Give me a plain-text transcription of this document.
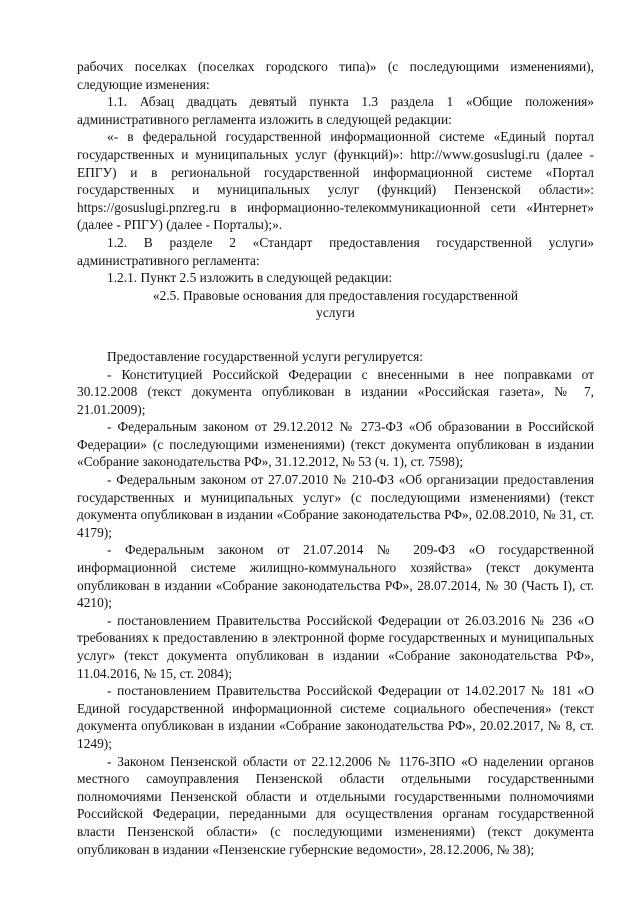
рабочих поселках (поселках городского типа)» (с последующими изменениями), следующие изменения:

1.1. Абзац двадцать девятый пункта 1.3 раздела 1 «Общие положения» административного регламента изложить в следующей редакции:

«- в федеральной государственной информационной системе «Единый портал государственных и муниципальных услуг (функций)»: http://www.gosuslugi.ru (далее - ЕПГУ) и в региональной государственной информационной системе «Портал государственных и муниципальных услуг (функций) Пензенской области»: https://gosuslugi.pnzreg.ru в информационно-телекоммуникационной сети «Интернет» (далее - РПГУ) (далее - Порталы);».

1.2. В разделе 2 «Стандарт предоставления государственной услуги» административного регламента:

1.2.1. Пункт 2.5 изложить в следующей редакции:

«2.5. Правовые основания для предоставления государственной

услуги

Предоставление государственной услуги регулируется:

- Конституцией Российской Федерации с внесенными в нее поправками от 30.12.2008 (текст документа опубликован в издании «Российская газета», № 7, 21.01.2009);

- Федеральным законом от 29.12.2012 № 273-ФЗ «Об образовании в Российской Федерации» (с последующими изменениями) (текст документа опубликован в издании «Собрание законодательства РФ», 31.12.2012, № 53 (ч. 1), ст. 7598);

- Федеральным законом от 27.07.2010 № 210-ФЗ «Об организации предоставления государственных и муниципальных услуг» (с последующими изменениями) (текст документа опубликован в издании «Собрание законодательства РФ», 02.08.2010, № 31, ст. 4179);

- Федеральным законом от 21.07.2014 № 209-ФЗ «О государственной информационной системе жилищно-коммунального хозяйства» (текст документа опубликован в издании «Собрание законодательства РФ», 28.07.2014, № 30 (Часть I), ст. 4210);

- постановлением Правительства Российской Федерации от 26.03.2016 № 236 «О требованиях к предоставлению в электронной форме государственных и муниципальных услуг» (текст документа опубликован в издании «Собрание законодательства РФ», 11.04.2016, № 15, ст. 2084);

- постановлением Правительства Российской Федерации от 14.02.2017 № 181 «О Единой государственной информационной системе социального обеспечения» (текст документа опубликован в издании «Собрание законодательства РФ», 20.02.2017, № 8, ст. 1249);

- Законом Пензенской области от 22.12.2006 № 1176-ЗПО «О наделении органов местного самоуправления Пензенской области отдельными государственными полномочиями Пензенской области и отдельными государственными полномочиями Российской Федерации, переданными для осуществления органам государственной власти Пензенской области» (с последующими изменениями) (текст документа опубликован в издании «Пензенские губернские ведомости», 28.12.2006, № 38);
